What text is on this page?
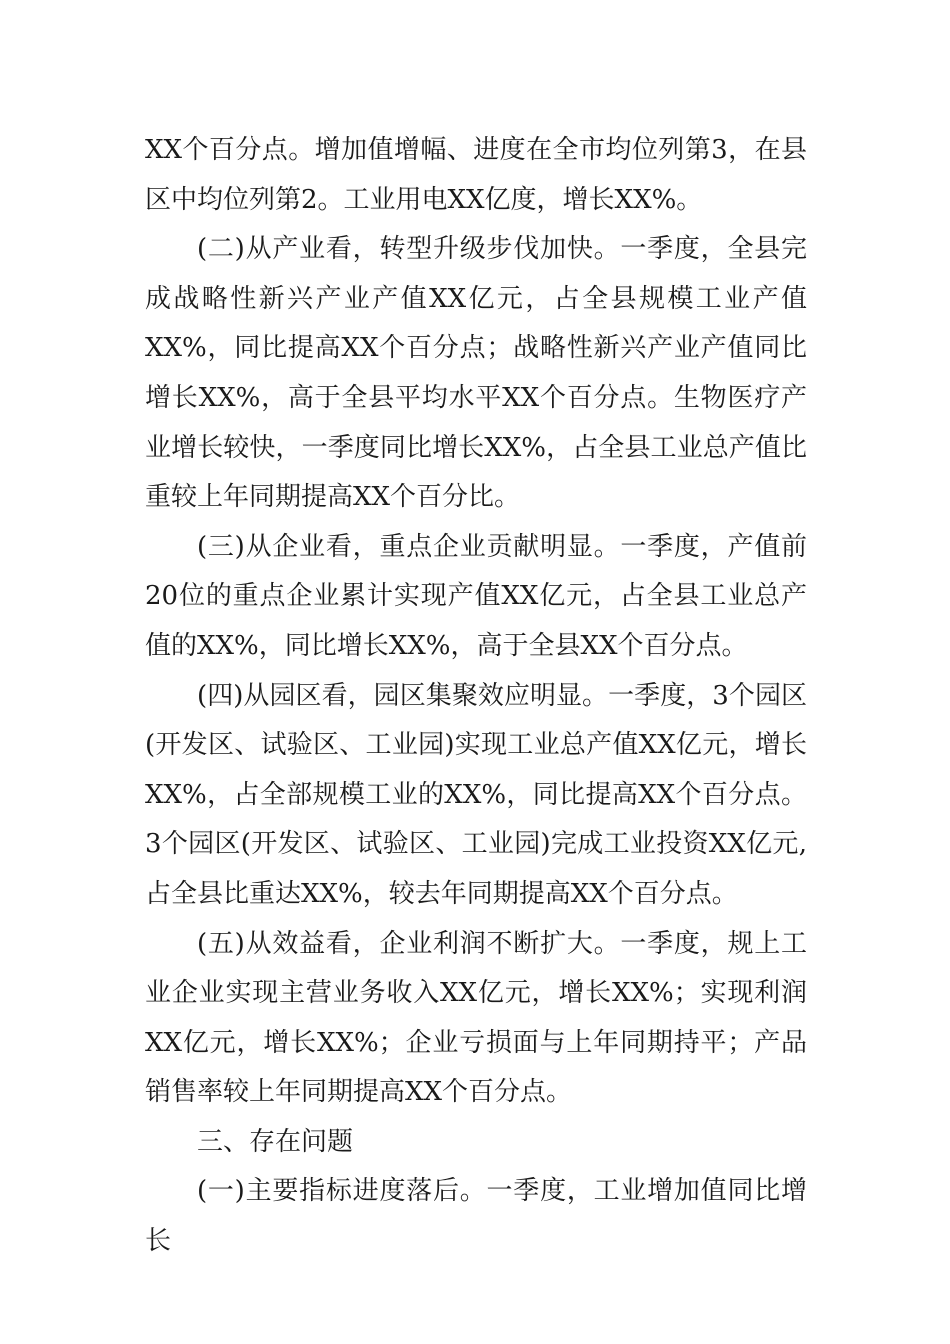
XX个百分点。增加值增幅、进度在全市均位列第3，在县区中均位列第2。工业用电XX亿度，增长XX%。

(二)从产业看，转型升级步伐加快。一季度，全县完成战略性新兴产业产值XX亿元，占全县规模工业产值XX%，同比提高XX个百分点；战略性新兴产业产值同比增长XX%，高于全县平均水平XX个百分点。生物医疗产业增长较快，一季度同比增长XX%，占全县工业总产值比重较上年同期提高XX个百分比。

(三)从企业看，重点企业贡献明显。一季度，产值前20位的重点企业累计实现产值XX亿元，占全县工业总产值的XX%，同比增长XX%，高于全县XX个百分点。

(四)从园区看，园区集聚效应明显。一季度，3个园区(开发区、试验区、工业园)实现工业总产值XX亿元，增长XX%，占全部规模工业的XX%，同比提高XX个百分点。3个园区(开发区、试验区、工业园)完成工业投资XX亿元,占全县比重达XX%，较去年同期提高XX个百分点。

(五)从效益看，企业利润不断扩大。一季度，规上工业企业实现主营业务收入XX亿元，增长XX%；实现利润XX亿元，增长XX%；企业亏损面与上年同期持平；产品销售率较上年同期提高XX个百分点。

三、存在问题

(一)主要指标进度落后。一季度，工业增加值同比增长
